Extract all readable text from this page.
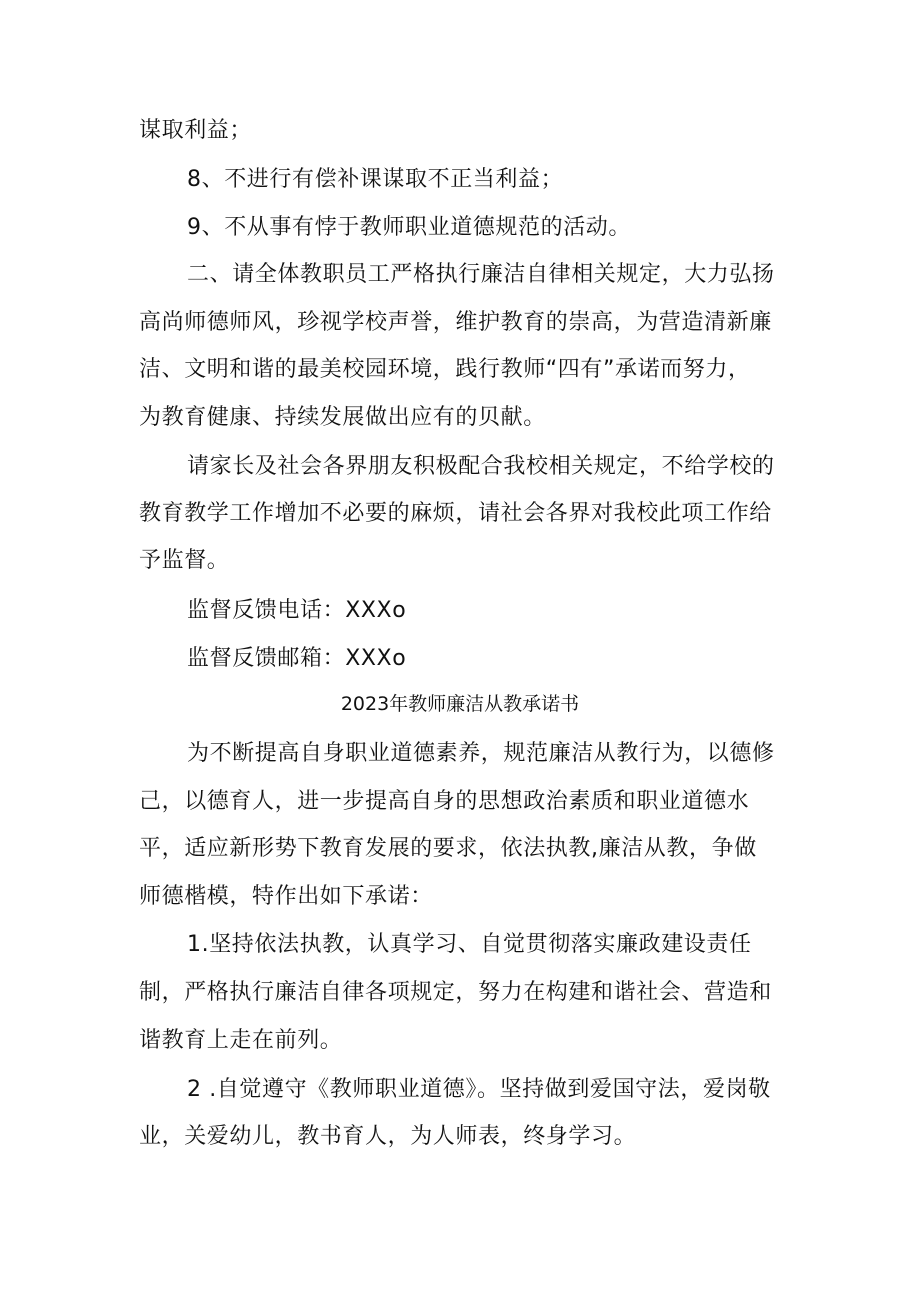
谋取利益；
8、不进行有偿补课谋取不正当利益；
9、不从事有悖于教师职业道德规范的活动。
二、请全体教职员工严格执行廉洁自律相关规定，大力弘扬
高尚师德师风，珍视学校声誉，维护教育的崇高，为营造清新廉
洁、文明和谐的最美校园环境，践行教师“四有”承诺而努力，
为教育健康、持续发展做出应有的贝献。
请家长及社会各界朋友积极配合我校相关规定，不给学校的
教育教学工作增加不必要的麻烦，请社会各界对我校此项工作给
予监督。
监督反馈电话：XXXo
监督反馈邮箱：XXXo
2023年教师廉洁从教承诺书
为不断提高自身职业道德素养，规范廉洁从教行为，以德修
己，以德育人，进一步提高自身的思想政治素质和职业道德水
平，适应新形势下教育发展的要求，依法执教,廉洁从教，争做
师德楷模，特作出如下承诺：
1.坚持依法执教，认真学习、自觉贯彻落实廉政建设责任
制，严格执行廉洁自律各项规定，努力在构建和谐社会、营造和
谐教育上走在前列。
2 .自觉遵守《教师职业道德》。坚持做到爱国守法，爱岗敬
业，关爱幼儿，教书育人，为人师表，终身学习。
